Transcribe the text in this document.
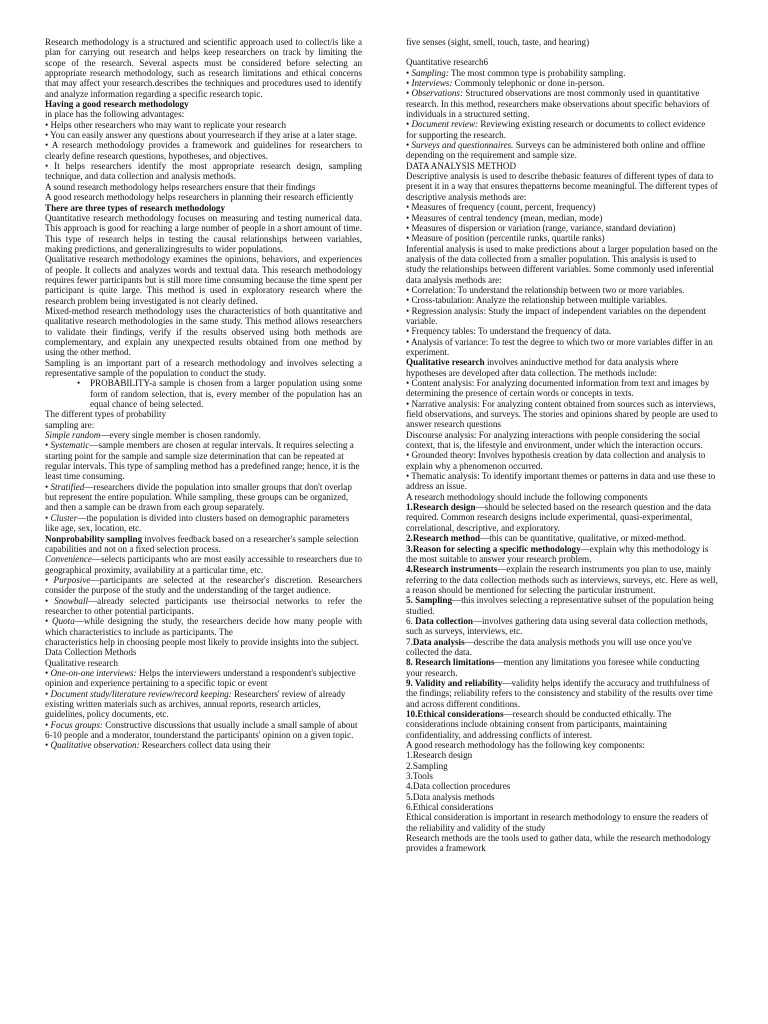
Research methodology is a structured and scientific approach used to collect/is like a plan for carrying out research and helps keep researchers on track by limiting the scope of the research. Several aspects must be considered before selecting an appropriate research methodology, such as research limitations and ethical concerns that may affect your research.describes the techniques and procedures used to identify and analyze information regarding a specific research topic.

Having a good research methodology

in place has the following advantages:

• Helps other researchers who may want to replicate your research

• You can easily answer any questions about yourresearch if they arise at a later stage.

• A research methodology provides a framework and guidelines for researchers to clearly define research questions, hypotheses, and objectives.

• It helps researchers identify the most appropriate research design, sampling technique, and data collection and analysis methods.

A sound research methodology helps researchers ensure that their findings

A good research methodology helps researchers in planning their research efficiently

There are three types of research methodology

Quantitative research methodology focuses on measuring and testing numerical data. This approach is good for reaching a large number of people in a short amount of time. This type of research helps in testing the causal relationships between variables, making predictions, and generalizingresults to wider populations.

Qualitative research methodology examines the opinions, behaviors, and experiences of people. It collects and analyzes words and textual data. This research methodology requires fewer participants but is still more time consuming because the time spent per participant is quite large. This method is used in exploratory research where the research problem being investigated is not clearly defined.

Mixed-method research methodology uses the characteristics of both quantitative and qualitative research methodologies in the same study. This method allows researchers to validate their findings, verify if the results observed using both methods are complementary, and explain any unexpected results obtained from one method by using the other method.

Sampling is an important part of a research methodology and involves selecting a representative sample of the population to conduct the study.

• PROBABILITY-a sample is chosen from a larger population using some form of random selection, that is, every member of the population has an equal chance of being selected.

The different types of probability

sampling are:

Simple random—every single member is chosen randomly.

• Systematic—sample members are chosen at regular intervals. It requires selecting a starting point for the sample and sample size determination that can be repeated at regular intervals. This type of sampling method has a predefined range; hence, it is the least time consuming.

• Stratified—researchers divide the population into smaller groups that don't overlap but represent the entire population. While sampling, these groups can be organized, and then a sample can be drawn from each group separately.

• Cluster—the population is divided into clusters based on demographic parameters like age, sex, location, etc.

Nonprobability sampling involves feedback based on a researcher's sample selection capabilities and not on a fixed selection process.

Convenience—selects participants who are most easily accessible to researchers due to geographical proximity, availability at a particular time, etc.

• Purposive—participants are selected at the researcher's discretion. Researchers consider the purpose of the study and the understanding of the target audience.

• Snowball—already selected participants use theirsocial networks to refer the researcher to other potential participants.

• Quota—while designing the study, the researchers decide how many people with which characteristics to include as participants. The

characteristics help in choosing people most likely to provide insights into the subject.

Data Collection Methods

Qualitative research

• One-on-one interviews: Helps the interviewers understand a respondent's subjective opinion and experience pertaining to a specific topic or event

• Document study/literature review/record keeping: Researchers' review of already existing written materials such as archives, annual reports, research articles, guidelines, policy documents, etc.

• Focus groups: Constructive discussions that usually include a small sample of about 6-10 people and a moderator, tounderstand the participants' opinion on a given topic.

• Qualitative observation: Researchers collect data using their

five senses (sight, smell, touch, taste, and hearing)

Quantitative research6

• Sampling: The most common type is probability sampling.

• Interviews: Commonly telephonic or done in-person.

• Observations: Structured observations are most commonly used in quantitative research. In this method, researchers make observations about specific behaviors of individuals in a structured setting.

• Document review: Reviewing existing research or documents to collect evidence for supporting the research.

• Surveys and questionnaires. Surveys can be administered both online and offline depending on the requirement and sample size.

DATA ANALYSIS METHOD

Descriptive analysis is used to describe thebasic features of different types of data to present it in a way that ensures thepatterns become meaningful. The different types of descriptive analysis methods are:

• Measures of frequency (count, percent, frequency)

• Measures of central tendency (mean, median, mode)

• Measures of dispersion or variation (range, variance, standard deviation)

• Measure of position (percentile ranks, quartile ranks)

Inferential analysis is used to make predictions about a larger population based on the analysis of the data collected from a smaller population. This analysis is used to study the relationships between different variables. Some commonly used inferential data analysis methods are:

• Correlation: To understand the relationship between two or more variables.

• Cross-tabulation: Analyze the relationship between multiple variables.

• Regression analysis: Study the impact of independent variables on the dependent variable.

• Frequency tables: To understand the frequency of data.

• Analysis of variance: To test the degree to which two or more variables differ in an experiment.

Qualitative research involves aninductive method for data analysis where hypotheses are developed after data collection. The methods include:

• Content analysis: For analyzing documented information from text and images by determining the presence of certain words or concepts in texts.

• Narrative analysis: For analyzing content obtained from sources such as interviews, field observations, and surveys. The stories and opinions shared by people are used to answer research questions

Discourse analysis: For analyzing interactions with people considering the social context, that is, the lifestyle and environment, under which the interaction occurs.

• Grounded theory: Involves hypothesis creation by data collection and analysis to explain why a phenomenon occurred.

• Thematic analysis: To identify important themes or patterns in data and use these to address an issue.

A research methodology should include the following components

1.Research design—should be selected based on the research question and the data required. Common research designs include experimental, quasi-experimental, correlational, descriptive, and exploratory.

2.Research method—this can be quantitative, qualitative, or mixed-method.

3.Reason for selecting a specific methodology—explain why this methodology is the most suitable to answer your research problem.

4.Research instruments—explain the research instruments you plan to use, mainly referring to the data collection methods such as interviews, surveys, etc. Here as well, a reason should be mentioned for selecting the particular instrument.

5. Sampling—this involves selecting a representative subset of the population being studied.

6. Data collection—involves gathering data using several data collection methods, such as surveys, interviews, etc.

7.Data analysis—describe the data analysis methods you will use once you've collected the data.

8. Research limitations—mention any limitations you foresee while conducting your research.

9. Validity and reliability—validity helps identify the accuracy and truthfulness of the findings; reliability refers to the consistency and stability of the results over time and across different conditions.

10.Ethical considerations—research should be conducted ethically. The considerations include obtaining consent from participants, maintaining confidentiality, and addressing conflicts of interest.

A good research methodology has the following key components:

1.Research design

2.Sampling

3.Tools

4.Data collection procedures

5.Data analysis methods

6.Ethical considerations

Ethical consideration is important in research methodology to ensure the readers of the reliability and validity of the study

Research methods are the tools used to gather data, while the research methodology provides a framework
